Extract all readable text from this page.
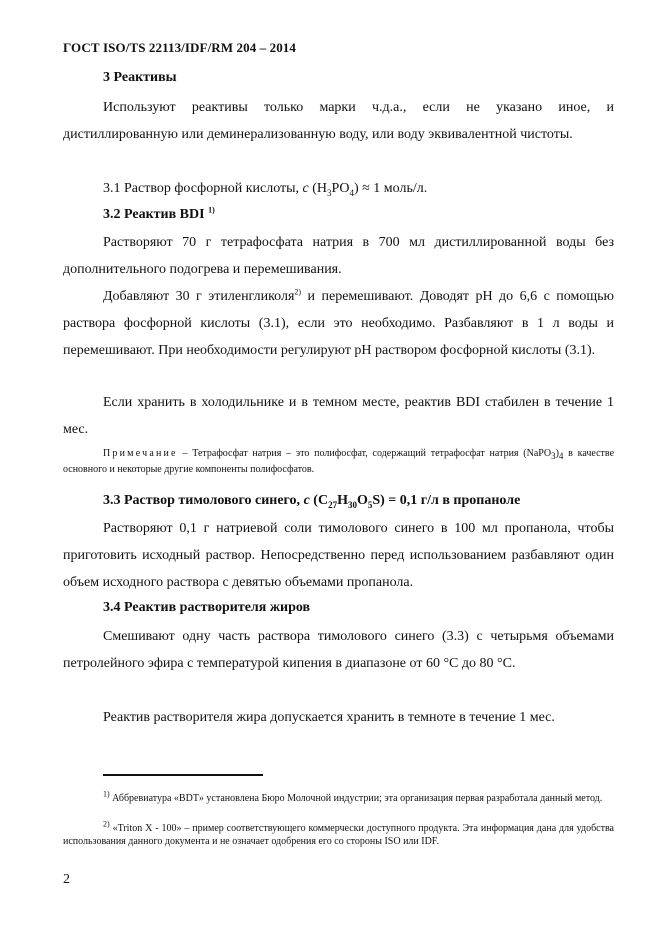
ГОСТ ISO/TS 22113/IDF/RM 204 – 2014
3 Реактивы
Используют реактивы только марки ч.д.а., если не указано иное, и дистиллированную или деминерализованную воду, или воду эквивалентной чистоты.
3.1 Раствор фосфорной кислоты, c $(H_3PO_4) \approx 1$ моль/л.
3.2 Реактив BDI $^{1)}$
Растворяют 70 г тетрафосфата натрия в 700 мл дистиллированной воды без дополнительного подогрева и перемешивания.
Добавляют 30 г этиленгликоля$^{2)}$ и перемешивают. Доводят pH до 6,6 с помощью раствора фосфорной кислоты (3.1), если это необходимо. Разбавляют в 1 л воды и перемешивают. При необходимости регулируют pH раствором фосфорной кислоты (3.1).
Если хранить в холодильнике и в темном месте, реактив BDI стабилен в течение 1 мес.
Примечание – Тетрафосфат натрия – это полифосфат, содержащий тетрафосфат натрия $(NaPO_3)_4$ в качестве основного и некоторые другие компоненты полифосфатов.
3.3 Раствор тимолового синего, c $(C_{27}H_{30}O_5S) = 0,1$ г/л в пропаноле
Растворяют 0,1 г натриевой соли тимолового синего в 100 мл пропанола, чтобы приготовить исходный раствор. Непосредственно перед использованием разбавляют один объем исходного раствора с девятью объемами пропанола.
3.4 Реактив растворителя жиров
Смешивают одну часть раствора тимолового синего (3.3) с четырьмя объемами петролейного эфира с температурой кипения в диапазоне от 60 °С до 80 °С.
Реактив растворителя жира допускается хранить в темноте в течение 1 мес.
$^{1)}$ Аббревиатура «BDT» установлена Бюро Молочной индустрии; эта организация первая разработала данный метод.
$^{2)}$ «Triton X - 100» – пример соответствующего коммерчески доступного продукта. Эта информация дана для удобства использования данного документа и не означает одобрения его со стороны ISO или IDF.
2
